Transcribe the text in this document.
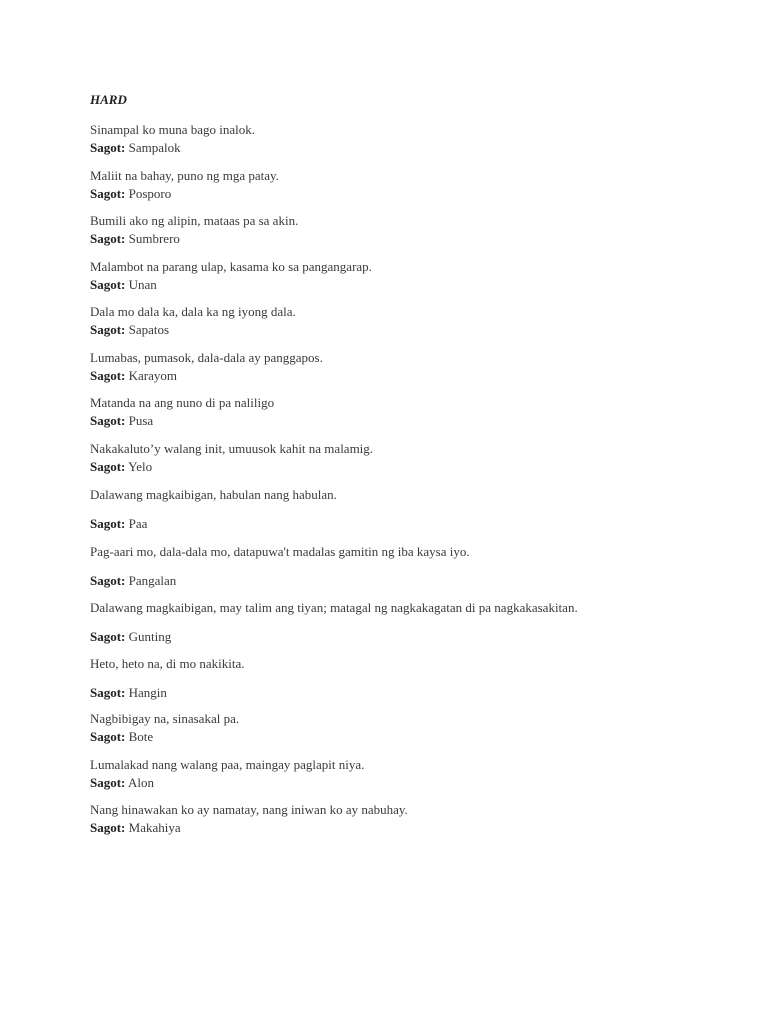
HARD
Sinampal ko muna bago inalok.
Sagot: Sampalok
Maliit na bahay, puno ng mga patay.
Sagot: Posporo
Bumili ako ng alipin, mataas pa sa akin.
Sagot: Sumbrero
Malambot na parang ulap, kasama ko sa pangangarap.
Sagot: Unan
Dala mo dala ka, dala ka ng iyong dala.
Sagot: Sapatos
Lumabas, pumasok, dala-dala ay panggapos.
Sagot: Karayom
Matanda na ang nuno di pa naliligo
Sagot: Pusa
Nakakaluto’y walang init, umuusok kahit na malamig.
Sagot: Yelo
Dalawang magkaibigan, habulan nang habulan.
Sagot: Paa
Pag-aari mo, dala-dala mo, datapuwa't madalas gamitin ng iba kaysa iyo.
Sagot: Pangalan
Dalawang magkaibigan, may talim ang tiyan; matagal ng nagkakagatan di pa nagkakasakitan.
Sagot: Gunting
Heto, heto na, di mo nakikita.
Sagot: Hangin
Nagbibigay na, sinasakal pa.
Sagot: Bote
Lumalakad nang walang paa, maingay paglapit niya.
Sagot: Alon
Nang hinawakan ko ay namatay, nang iniwan ko ay nabuhay.
Sagot: Makahiya
